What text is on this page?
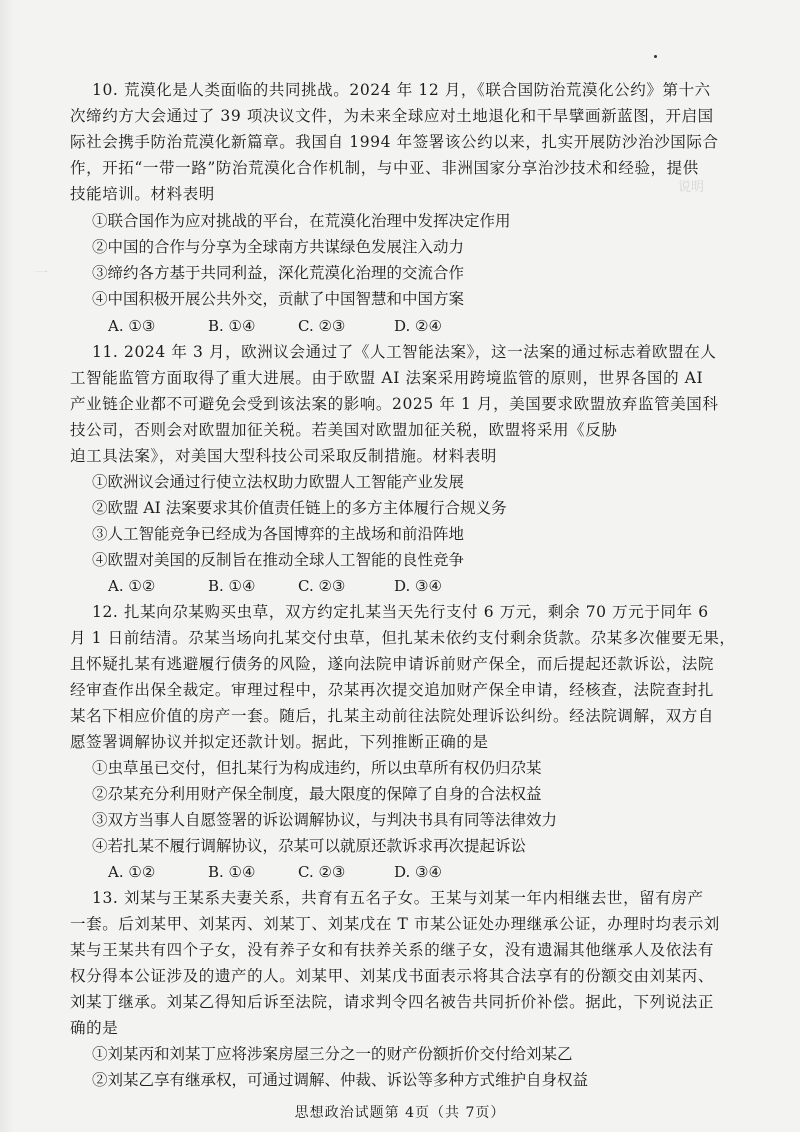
说明
一
10. 荒漠化是人类面临的共同挑战。2024 年 12 月，《联合国防治荒漠化公约》第十六
次缔约方大会通过了 39 项决议文件，为未来全球应对土地退化和干旱擘画新蓝图，开启国
际社会携手防治荒漠化新篇章。我国自 1994 年签署该公约以来，扎实开展防沙治沙国际合
作，开拓“一带一路”防治荒漠化合作机制，与中亚、非洲国家分享治沙技术和经验，提供
技能培训。材料表明
①联合国作为应对挑战的平台，在荒漠化治理中发挥决定作用
②中国的合作与分享为全球南方共谋绿色发展注入动力
③缔约各方基于共同利益，深化荒漠化治理的交流合作
④中国积极开展公共外交，贡献了中国智慧和中国方案
A. ①③	B. ①④	C. ②③	D. ②④
11. 2024 年 3 月，欧洲议会通过了《人工智能法案》，这一法案的通过标志着欧盟在人
工智能监管方面取得了重大进展。由于欧盟 AI 法案采用跨境监管的原则，世界各国的 AI
产业链企业都不可避免会受到该法案的影响。2025 年 1 月，美国要求欧盟放弃监管美国科
技公司，否则会对欧盟加征关税。若美国对欧盟加征关税，欧盟将采用《反胁
迫工具法案》，对美国大型科技公司采取反制措施。材料表明
①欧洲议会通过行使立法权助力欧盟人工智能产业发展
②欧盟 AI 法案要求其价值责任链上的多方主体履行合规义务
③人工智能竞争已经成为各国博弈的主战场和前沿阵地
④欧盟对美国的反制旨在推动全球人工智能的良性竞争
A. ①②	B. ①④	C. ②③	D. ③④
12. 扎某向尕某购买虫草，双方约定扎某当天先行支付 6 万元，剩余 70 万元于同年 6
月 1 日前结清。尕某当场向扎某交付虫草，但扎某未依约支付剩余货款。尕某多次催要无果，
且怀疑扎某有逃避履行债务的风险，遂向法院申请诉前财产保全，而后提起还款诉讼，法院
经审查作出保全裁定。审理过程中，尕某再次提交追加财产保全申请，经核查，法院查封扎
某名下相应价值的房产一套。随后，扎某主动前往法院处理诉讼纠纷。经法院调解，双方自
愿签署调解协议并拟定还款计划。据此，下列推断正确的是
①虫草虽已交付，但扎某行为构成违约，所以虫草所有权仍归尕某
②尕某充分利用财产保全制度，最大限度的保障了自身的合法权益
③双方当事人自愿签署的诉讼调解协议，与判决书具有同等法律效力
④若扎某不履行调解协议，尕某可以就原还款诉求再次提起诉讼
A. ①②	B. ①④	C. ②③	D. ③④
13. 刘某与王某系夫妻关系，共育有五名子女。王某与刘某一年内相继去世，留有房产
一套。后刘某甲、刘某丙、刘某丁、刘某戊在 T 市某公证处办理继承公证，办理时均表示刘
某与王某共有四个子女，没有养子女和有扶养关系的继子女，没有遗漏其他继承人及依法有
权分得本公证涉及的遗产的人。刘某甲、刘某戊书面表示将其合法享有的份额交由刘某丙、
刘某丁继承。刘某乙得知后诉至法院，请求判令四名被告共同折价补偿。据此，下列说法正
确的是
①刘某丙和刘某丁应将涉案房屋三分之一的财产份额折价交付给刘某乙
②刘某乙享有继承权，可通过调解、仲裁、诉讼等多种方式维护自身权益
思想政治试题第 4页（共 7页）
